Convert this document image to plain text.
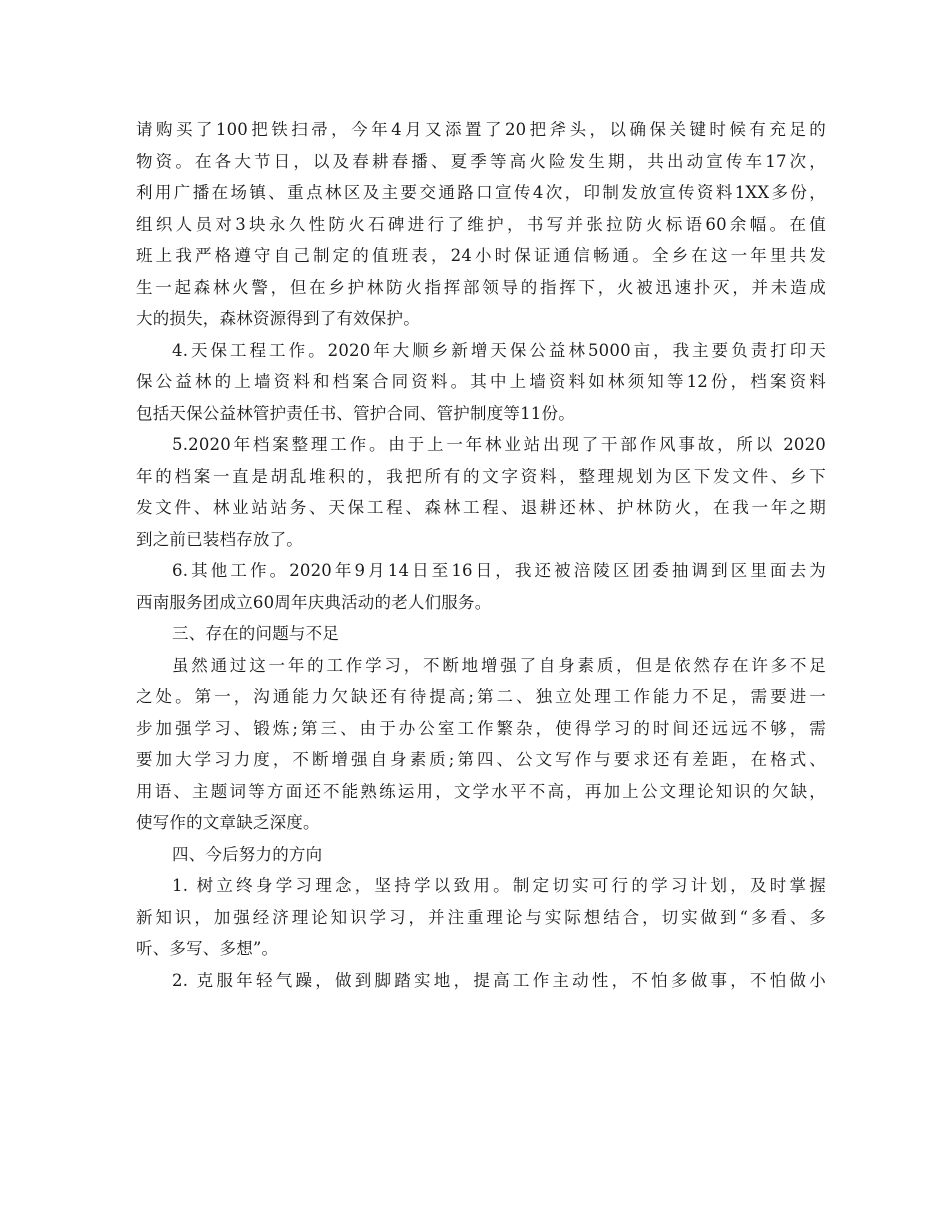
请购买了100把铁扫帚，今年4月又添置了20把斧头，以确保关键时候有充足的
物资。在各大节日，以及春耕春播、夏季等高火险发生期，共出动宣传车17次，
利用广播在场镇、重点林区及主要交通路口宣传4次，印制发放宣传资料1XX多份，
组织人员对3块永久性防火石碑进行了维护，书写并张拉防火标语60余幅。在值
班上我严格遵守自己制定的值班表，24小时保证通信畅通。全乡在这一年里共发
生一起森林火警，但在乡护林防火指挥部领导的指挥下，火被迅速扑灭，并未造成
大的损失，森林资源得到了有效保护。
4.天保工程工作。2020年大顺乡新增天保公益林5000亩，我主要负责打印天
保公益林的上墙资料和档案合同资料。其中上墙资料如林须知等12份，档案资料
包括天保公益林管护责任书、管护合同、管护制度等11份。
5.2020年档案整理工作。由于上一年林业站出现了干部作风事故，所以 2020
年的档案一直是胡乱堆积的，我把所有的文字资料，整理规划为区下发文件、乡下
发文件、林业站站务、天保工程、森林工程、退耕还林、护林防火，在我一年之期
到之前已装档存放了。
6.其他工作。2020年9月14日至16日，我还被涪陵区团委抽调到区里面去为
西南服务团成立60周年庆典活动的老人们服务。
三、存在的问题与不足
虽然通过这一年的工作学习，不断地增强了自身素质，但是依然存在许多不足
之处。第一，沟通能力欠缺还有待提高;第二、独立处理工作能力不足，需要进一
步加强学习、锻炼;第三、由于办公室工作繁杂，使得学习的时间还远远不够，需
要加大学习力度，不断增强自身素质;第四、公文写作与要求还有差距，在格式、
用语、主题词等方面还不能熟练运用，文学水平不高，再加上公文理论知识的欠缺，
使写作的文章缺乏深度。
四、今后努力的方向
1. 树立终身学习理念，坚持学以致用。制定切实可行的学习计划，及时掌握
新知识，加强经济理论知识学习，并注重理论与实际想结合，切实做到“多看、多
听、多写、多想”。
2. 克服年轻气躁，做到脚踏实地，提高工作主动性，不怕多做事，不怕做小
